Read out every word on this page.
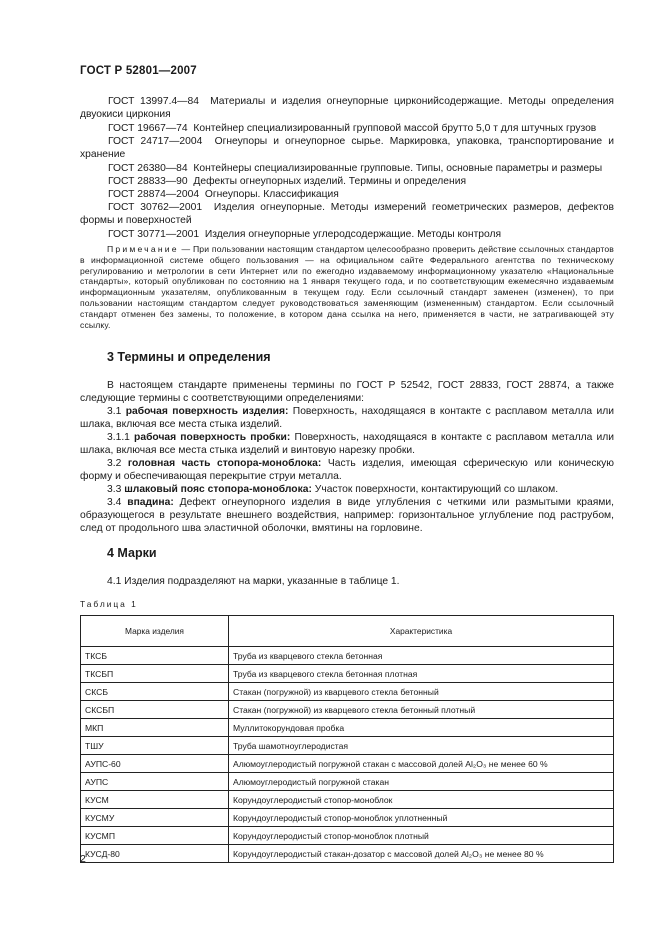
ГОСТ Р 52801—2007

ГОСТ 13997.4—84 Материалы и изделия огнеупорные цирконийсодержащие. Методы определения двуокиси циркония

ГОСТ 19667—74 Контейнер специализированный групповой массой брутто 5,0 т для штучных грузов

ГОСТ 24717—2004 Огнеупоры и огнеупорное сырье. Маркировка, упаковка, транспортирование и хранение

ГОСТ 26380—84 Контейнеры специализированные групповые. Типы, основные параметры и размеры

ГОСТ 28833—90 Дефекты огнеупорных изделий. Термины и определения

ГОСТ 28874—2004 Огнеупоры. Классификация

ГОСТ 30762—2001 Изделия огнеупорные. Методы измерений геометрических размеров, дефектов формы и поверхностей

ГОСТ 30771—2001 Изделия огнеупорные углеродсодержащие. Методы контроля

Примечание — При пользовании настоящим стандартом целесообразно проверить действие ссылочных стандартов в информационной системе общего пользования — на официальном сайте Федерального агентства по техническому регулированию и метрологии в сети Интернет или по ежегодно издаваемому информационному указателю «Национальные стандарты», который опубликован по состоянию на 1 января текущего года, и по соответствующим ежемесячно издаваемым информационным указателям, опубликованным в текущем году. Если ссылочный стандарт заменен (изменен), то при пользовании настоящим стандартом следует руководствоваться заменяющим (измененным) стандартом. Если ссылочный стандарт отменен без замены, то положение, в котором дана ссылка на него, применяется в части, не затрагивающей эту ссылку.

3 Термины и определения

В настоящем стандарте применены термины по ГОСТ Р 52542, ГОСТ 28833, ГОСТ 28874, а также следующие термины с соответствующими определениями:

3.1 рабочая поверхность изделия: Поверхность, находящаяся в контакте с расплавом металла или шлака, включая все места стыка изделий.

3.1.1 рабочая поверхность пробки: Поверхность, находящаяся в контакте с расплавом металла или шлака, включая все места стыка изделий и винтовую нарезку пробки.

3.2 головная часть стопора-моноблока: Часть изделия, имеющая сферическую или коническую форму и обеспечивающая перекрытие струи металла.

3.3 шлаковый пояс стопора-моноблока: Участок поверхности, контактирующий со шлаком.

3.4 впадина: Дефект огнеупорного изделия в виде углубления с четкими или размытыми краями, образующегося в результате внешнего воздействия, например: горизонтальное углубление под раструбом, след от продольного шва эластичной оболочки, вмятины на горловине.

4 Марки

4.1 Изделия подразделяют на марки, указанные в таблице 1.

Таблица 1
Марка изделия	Характеристика
ТКСБ	Труба из кварцевого стекла бетонная
ТКСБП	Труба из кварцевого стекла бетонная плотная
СКСБ	Стакан (погружной) из кварцевого стекла бетонный
СКСБП	Стакан (погружной) из кварцевого стекла бетонный плотный
МКП	Муллитокорундовая пробка
ТШУ	Труба шамотноуглеродистая
АУПС-60	Алюмоуглеродистый погружной стакан с массовой долей Al₂O₃ не менее 60 %
АУПС	Алюмоуглеродистый погружной стакан
КУСМ	Корундоуглеродистый стопор-моноблок
КУСМУ	Корундоуглеродистый стопор-моноблок уплотненный
КУСМП	Корундоуглеродистый стопор-моноблок плотный
КУСД-80	Корундоуглеродистый стакан-дозатор с массовой долей Al₂O₃ не менее 80 %
2
